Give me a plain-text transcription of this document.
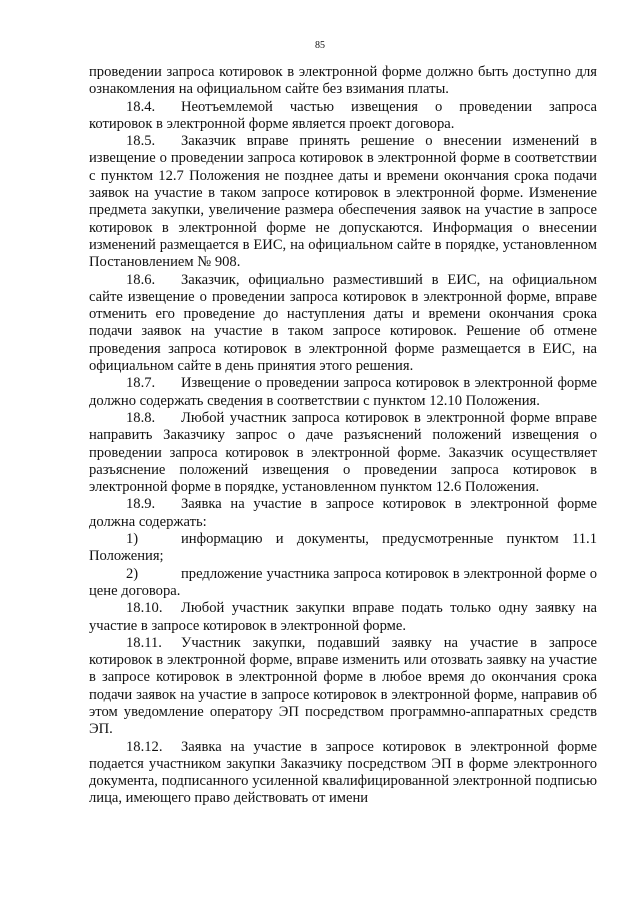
85

проведении запроса котировок в электронной форме должно быть доступно для ознакомления на официальном сайте без взимания платы.

18.4. Неотъемлемой частью извещения о проведении запроса котировок в электронной форме является проект договора.

18.5. Заказчик вправе принять решение о внесении изменений в извещение о проведении запроса котировок в электронной форме в соответствии с пунктом 12.7 Положения не позднее даты и времени окончания срока подачи заявок на участие в таком запросе котировок в электронной форме. Изменение предмета закупки, увеличение размера обеспечения заявок на участие в запросе котировок в электронной форме не допускаются. Информация о внесении изменений размещается в ЕИС, на официальном сайте в порядке, установленном Постановлением № 908.

18.6. Заказчик, официально разместивший в ЕИС, на официальном сайте извещение о проведении запроса котировок в электронной форме, вправе отменить его проведение до наступления даты и времени окончания срока подачи заявок на участие в таком запросе котировок. Решение об отмене проведения запроса котировок в электронной форме размещается в ЕИС, на официальном сайте в день принятия этого решения.

18.7. Извещение о проведении запроса котировок в электронной форме должно содержать сведения в соответствии с пунктом 12.10 Положения.

18.8. Любой участник запроса котировок в электронной форме вправе направить Заказчику запрос о даче разъяснений положений извещения о проведении запроса котировок в электронной форме. Заказчик осуществляет разъяснение положений извещения о проведении запроса котировок в электронной форме в порядке, установленном пунктом 12.6 Положения.

18.9. Заявка на участие в запросе котировок в электронной форме должна содержать:

1)	информацию и документы, предусмотренные пунктом 11.1 Положения;

2)	предложение участника запроса котировок в электронной форме о цене договора.

18.10. Любой участник закупки вправе подать только одну заявку на участие в запросе котировок в электронной форме.

18.11. Участник закупки, подавший заявку на участие в запросе котировок в электронной форме, вправе изменить или отозвать заявку на участие в запросе котировок в электронной форме в любое время до окончания срока подачи заявок на участие в запросе котировок в электронной форме, направив об этом уведомление оператору ЭП посредством программно-аппаратных средств ЭП.

18.12. Заявка на участие в запросе котировок в электронной форме подается участником закупки Заказчику посредством ЭП в форме электронного документа, подписанного усиленной квалифицированной электронной подписью лица, имеющего право действовать от имени
